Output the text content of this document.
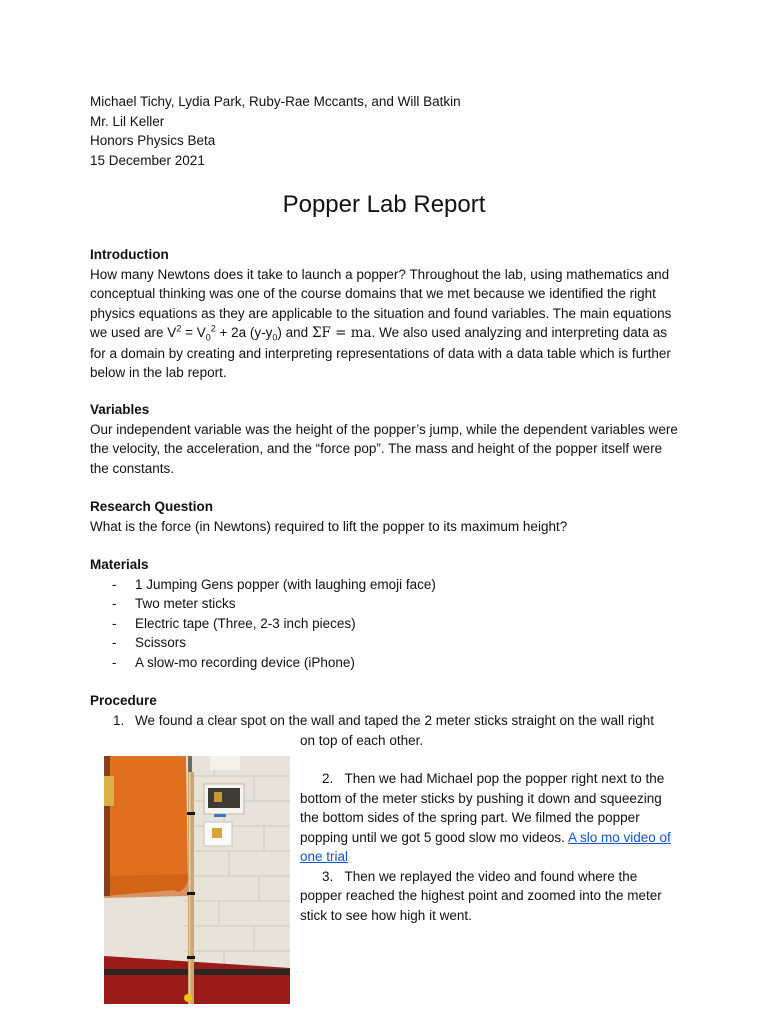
Michael Tichy, Lydia Park, Ruby-Rae Mccants, and Will Batkin
Mr. Lil Keller
Honors Physics Beta
15 December 2021
Popper Lab Report
Introduction

How many Newtons does it take to launch a popper? Throughout the lab, using mathematics and conceptual thinking was one of the course domains that we met because we identified the right physics equations as they are applicable to the situation and found variables. The main equations we used are $V^2 = V_0^2 + 2a$ $(y-y_0)$ and ΣF = ma. We also used analyzing and interpreting data as for a domain by creating and interpreting representations of data with a data table which is further below in the lab report.

Variables

Our independent variable was the height of the popper’s jump, while the dependent variables were the velocity, the acceleration, and the “force pop”. The mass and height of the popper itself were the constants.

Research Question

What is the force (in Newtons) required to lift the popper to its maximum height?

Materials
- 1 Jumping Gens popper (with laughing emoji face)
- Two meter sticks
- Electric tape (Three, 2-3 inch pieces)
- Scissors
- A slow-mo recording device (iPhone)
Procedure
1. We found a clear spot on the wall and taped the 2 meter sticks straight on the wall right
on top of each other.

2. Then we had Michael pop the popper right next to the bottom of the meter sticks by pushing it down and squeezing the bottom sides of the spring part. We filmed the popper popping until we got 5 good slow mo videos. A slo mo video of one trial

3. Then we replayed the video and found where the popper reached the highest point and zoomed into the meter stick to see how high it went.
